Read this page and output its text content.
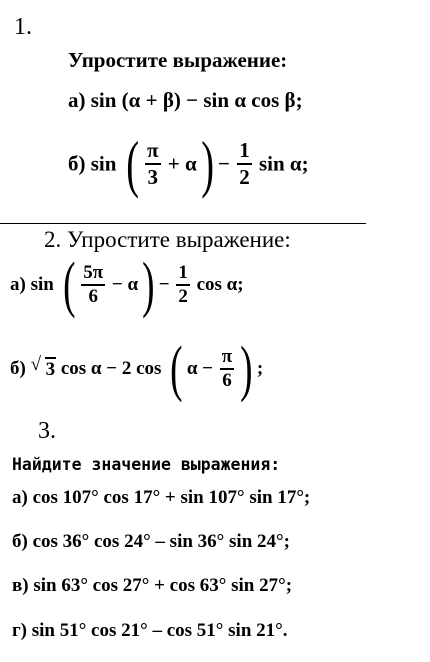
1.
Упростите выражение:
а) sin (α + β) − sin α cos β;
б) sin ( $\frac{\pi}{3} + \alpha) - \frac{1}{2}$ sin α;
2. Упростите выражение:
а) sin ( $\frac{5\pi}{6} - \alpha) - \frac{1}{2}$ cos α;
б) √ 3 cos α − 2 cos ( $\alpha - \frac{\pi}{6}$ ) ;
3.
Найдите значение выражения:
а) cos 107° cos 17° + sin 107° sin 17°;
б) cos 36° cos 24° – sin 36° sin 24°;
в) sin 63° cos 27° + cos 63° sin 27°;
г) sin 51° cos 21° – cos 51° sin 21°.
